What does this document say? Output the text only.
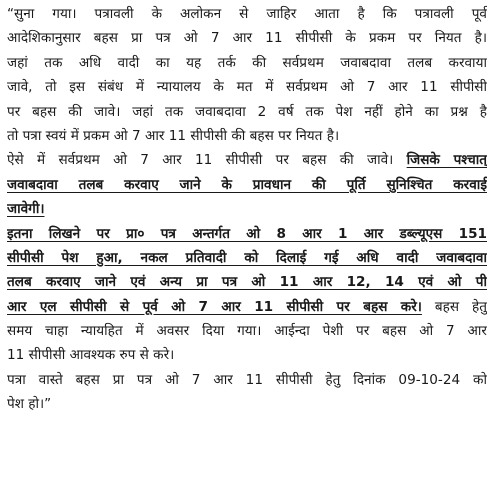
“सुना गया। पत्रावली के अलोकन से जाहिर आता है कि पत्रावली पूर्व
आदेशिकानुसार बहस प्रा पत्र ओ 7 आर 11 सीपीसी के प्रकम पर नियत है।
जहां तक अधि वादी का यह तर्क की सर्वप्रथम जवाबदावा तलब करवाया
जावे, तो इस संबंध में न्यायालय के मत में सर्वप्रथम ओ 7 आर 11 सीपीसी
पर बहस की जावे। जहां तक जवाबदावा 2 वर्ष तक पेश नहीं होने का प्रश्न है
तो पत्रा स्वयं में प्रकम ओ 7 आर 11 सीपीसी की बहस पर नियत है।
ऐसे में सर्वप्रथम ओ 7 आर 11 सीपीसी पर बहस की जावे। जिसके पश्चात्
जवाबदावा तलब करवाए जाने के प्रावधान की पूर्ति सुनिश्चित करवाई
जावेगी।
इतना लिखने पर प्रा० पत्र अन्तर्गत ओ 8 आर 1 आर डब्ल्यूएस 151
सीपीसी पेश हुआ, नकल प्रतिवादी को दिलाई गई अधि वादी जवाबदावा
तलब करवाए जाने एवं अन्य प्रा पत्र ओ 11 आर 12, 14 एवं ओ पी
आर एल सीपीसी से पूर्व ओ 7 आर 11 सीपीसी पर बहस करे। बहस हेतु
समय चाहा न्यायहित में अवसर दिया गया। आईन्दा पेशी पर बहस ओ 7 आर
11 सीपीसी आवश्यक रुप से करे।
पत्रा वास्ते बहस प्रा पत्र ओ 7 आर 11 सीपीसी हेतु दिनांक 09-10-24 को
पेश हो।”
